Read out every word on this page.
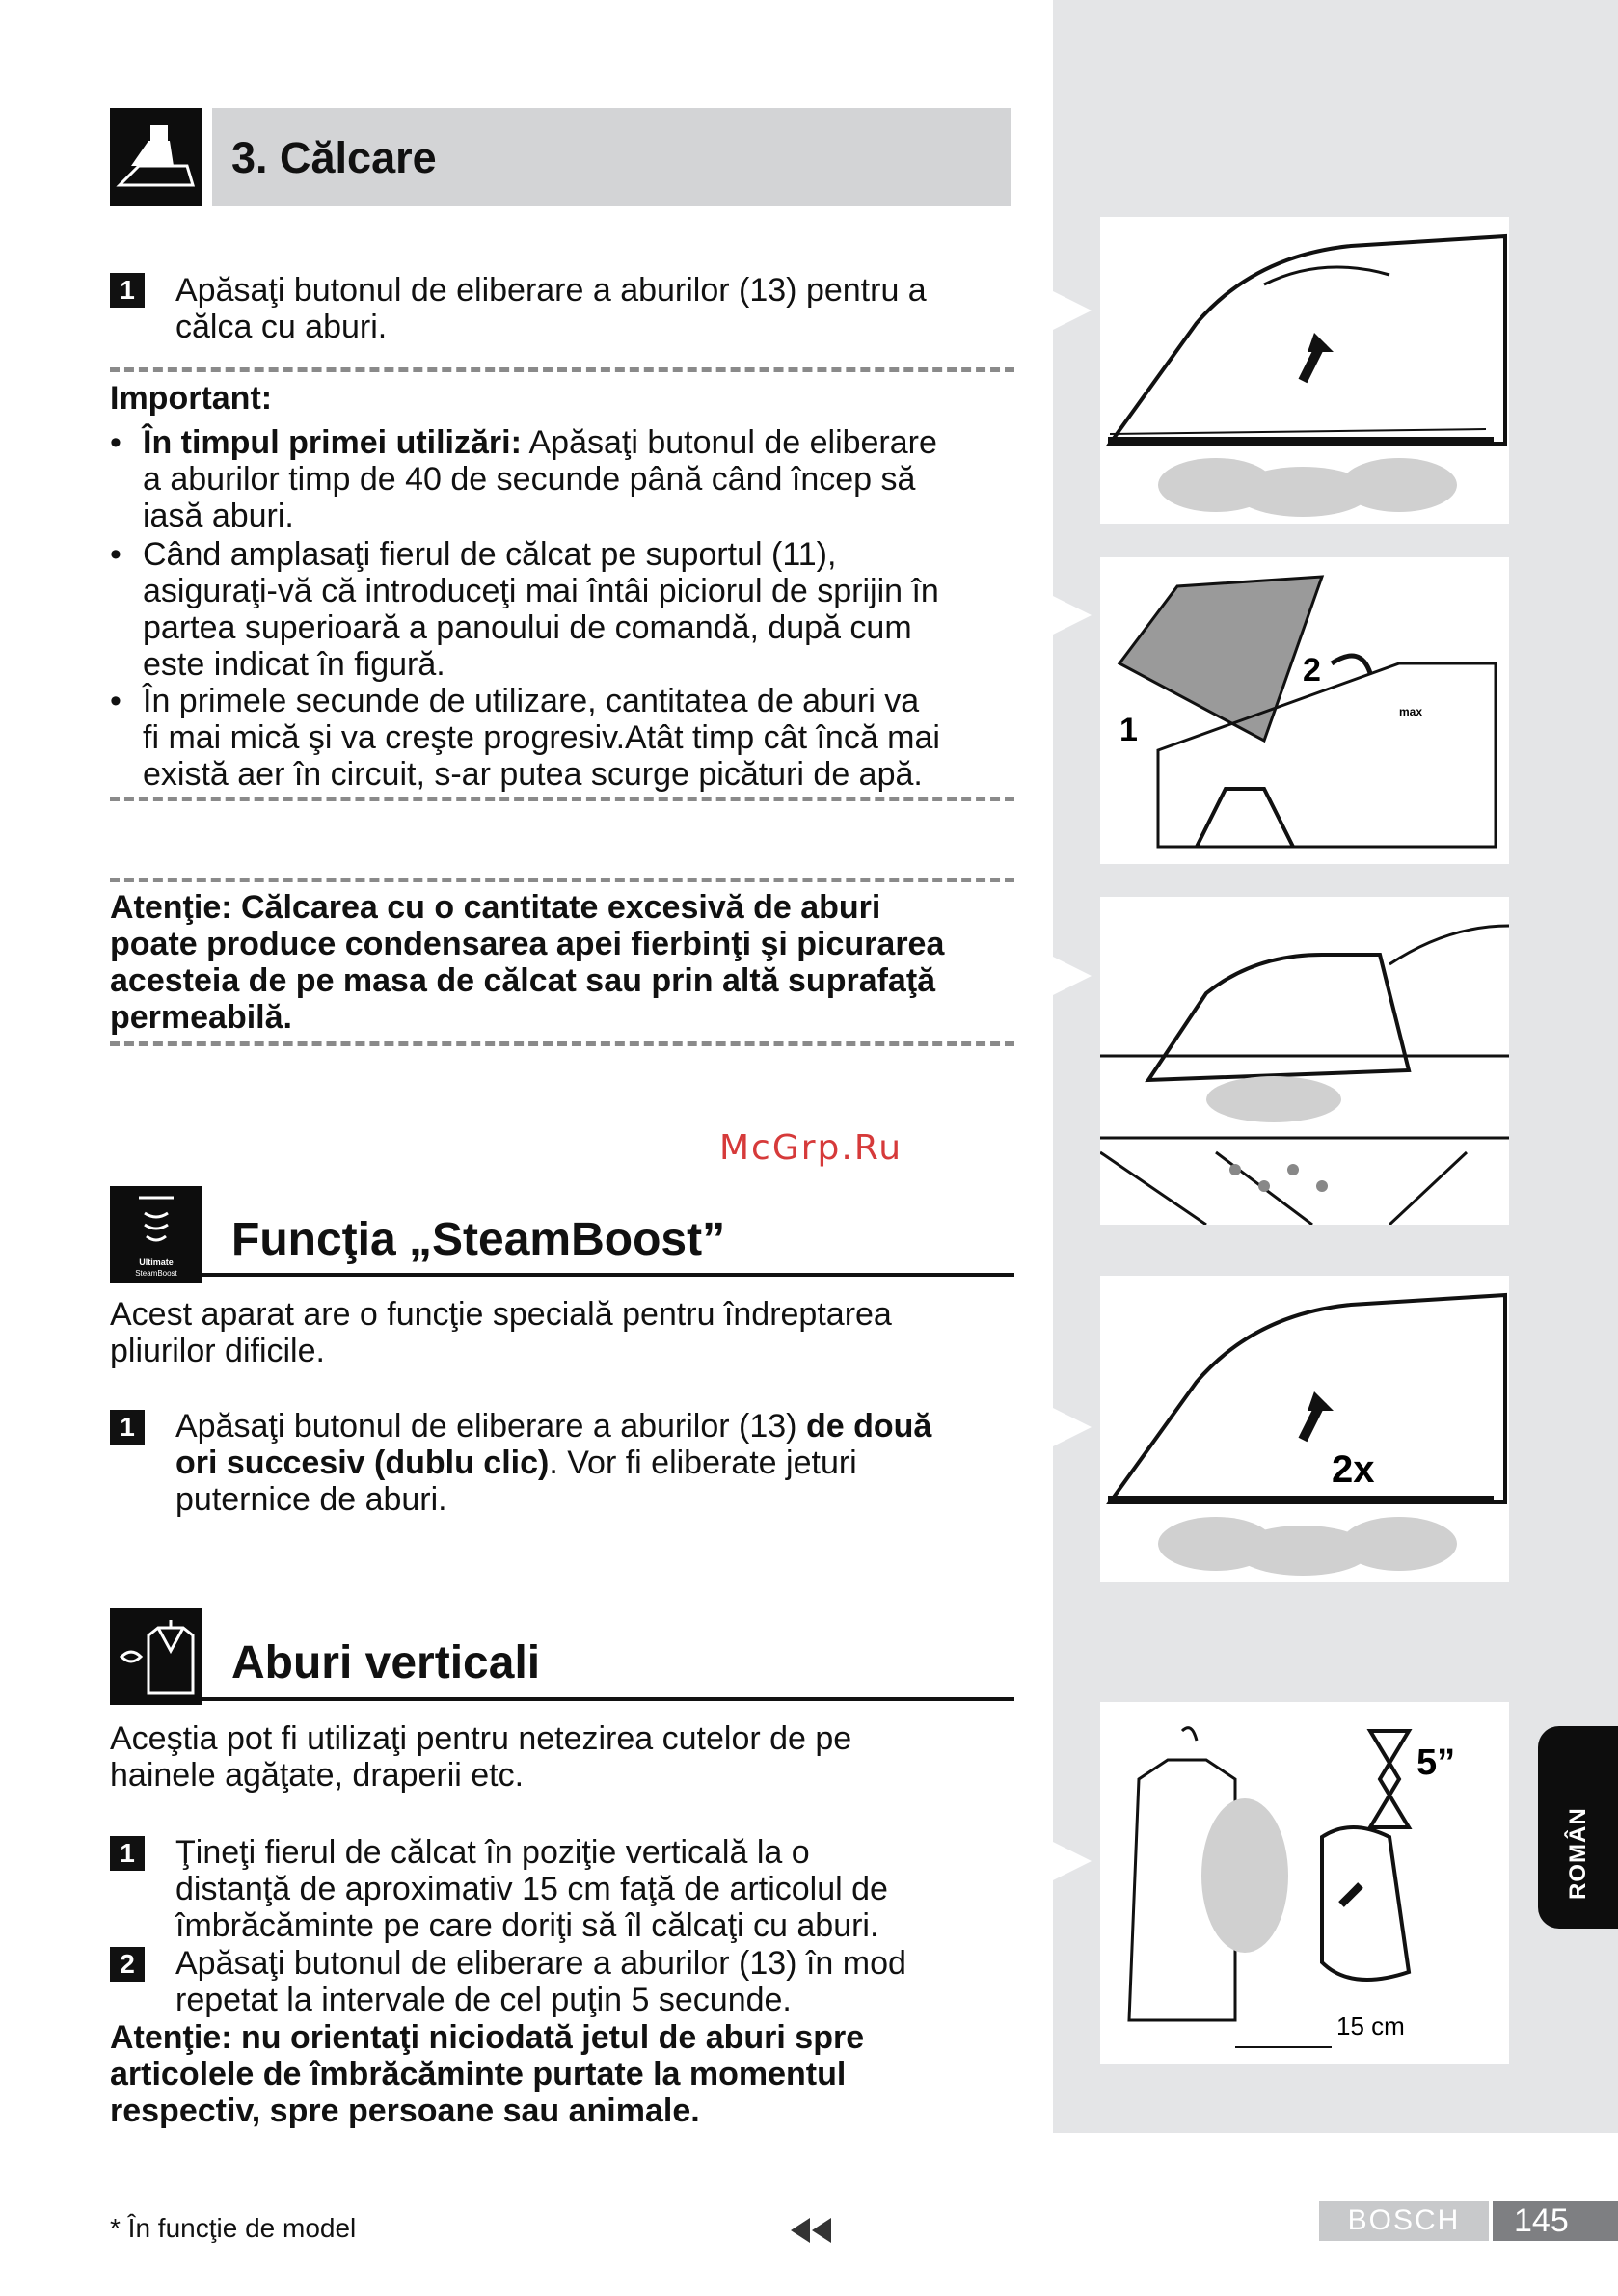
3. Călcare
1	Apăsaţi butonul de eliberare a aburilor (13) pentru a
călca cu aburi.
Important:
• În timpul primei utilizări: Apăsaţi butonul de eliberare
a aburilor timp de 40 de secunde până când încep să
iasă aburi.
• Când amplasaţi fierul de călcat pe suportul (11),
asiguraţi-vă că introduceţi mai întâi piciorul de sprijin în
partea superioară a panoului de comandă, după cum
este indicat în figură.
• În primele secunde de utilizare, cantitatea de aburi va
fi mai mică şi va creşte progresiv.Atât timp cât încă mai
există aer în circuit, s-ar putea scurge picături de apă.
Atenţie: Călcarea cu o cantitate excesivă de aburi
poate produce condensarea apei fierbinţi şi picurarea
acesteia de pe masa de călcat sau prin altă suprafaţă
permeabilă.
McGrp.Ru
Ultimate
SteamBoost
Funcţia „SteamBoost”
Acest aparat are o funcţie specială pentru îndreptarea
pliurilor dificile.
1	Apăsaţi butonul de eliberare a aburilor (13) de două
ori succesiv (dublu clic). Vor fi eliberate jeturi
puternice de aburi.
Aburi verticali
Aceştia pot fi utilizaţi pentru netezirea cutelor de pe
hainele agăţate, draperii etc.
1	Ţineţi fierul de călcat în poziţie verticală la o
distanţă de aproximativ 15 cm faţă de articolul de
îmbrăcăminte pe care doriţi să îl călcaţi cu aburi.
2	Apăsaţi butonul de eliberare a aburilor (13) în mod
repetat la intervale de cel puţin 5 secunde.
Atenţie: nu orientaţi niciodată jetul de aburi spre
articolele de îmbrăcăminte purtate la momentul
respectiv, spre persoane sau animale.
1
2
max
2x
5”
15 cm
ROMÂN
* În funcţie de model	BOSCH	145
